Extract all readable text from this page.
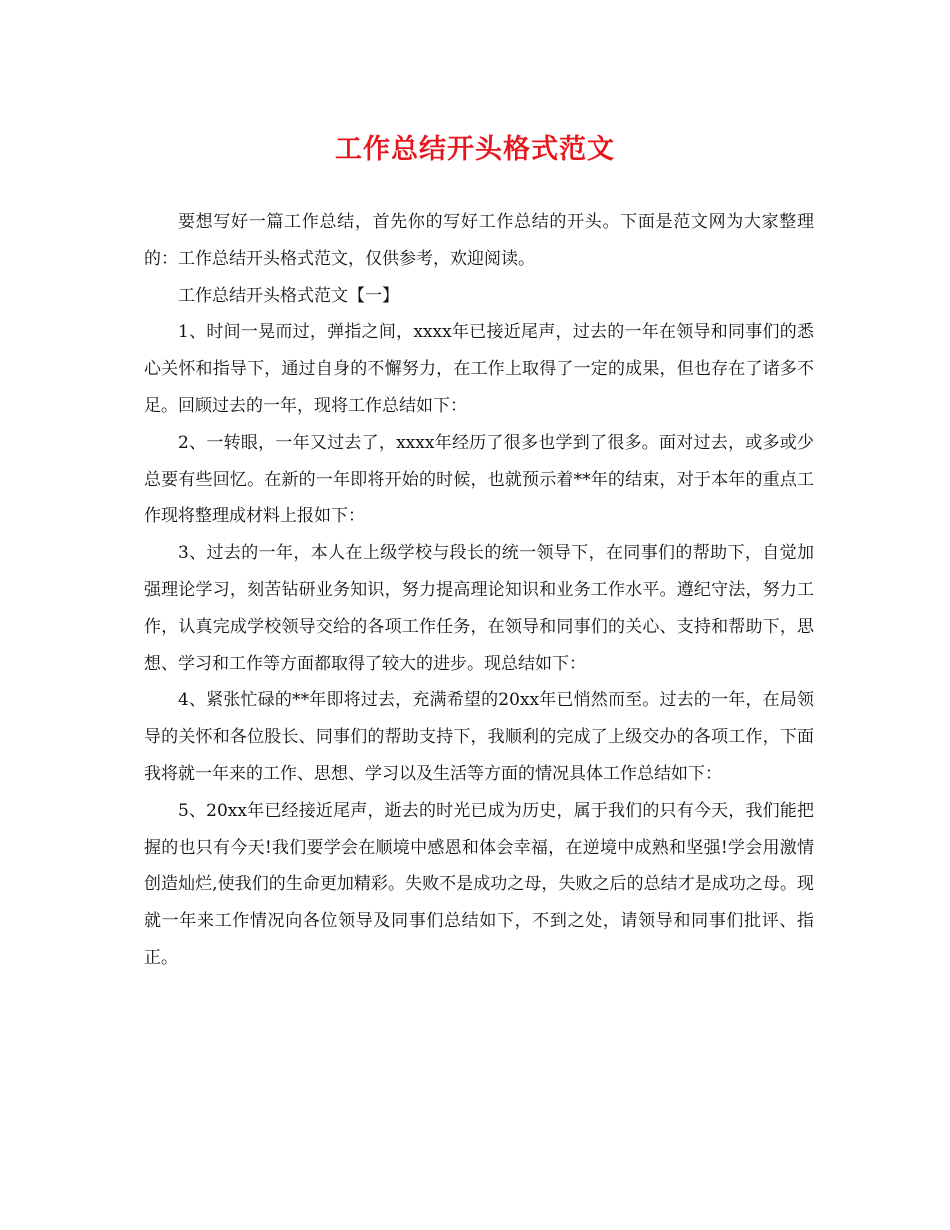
工作总结开头格式范文

要想写好一篇工作总结，首先你的写好工作总结的开头。下面是范文网为大家整理的：工作总结开头格式范文，仅供参考，欢迎阅读。

工作总结开头格式范文【一】

1、时间一晃而过，弹指之间，xxxx年已接近尾声，过去的一年在领导和同事们的悉心关怀和指导下，通过自身的不懈努力，在工作上取得了一定的成果，但也存在了诸多不足。回顾过去的一年，现将工作总结如下：

2、一转眼，一年又过去了，xxxx年经历了很多也学到了很多。面对过去，或多或少总要有些回忆。在新的一年即将开始的时候，也就预示着**年的结束，对于本年的重点工作现将整理成材料上报如下：

3、过去的一年，本人在上级学校与段长的统一领导下，在同事们的帮助下，自觉加强理论学习，刻苦钻研业务知识，努力提高理论知识和业务工作水平。遵纪守法，努力工作，认真完成学校领导交给的各项工作任务，在领导和同事们的关心、支持和帮助下，思想、学习和工作等方面都取得了较大的进步。现总结如下：

4、紧张忙碌的**年即将过去，充满希望的20xx年已悄然而至。过去的一年，在局领导的关怀和各位股长、同事们的帮助支持下，我顺利的完成了上级交办的各项工作，下面我将就一年来的工作、思想、学习以及生活等方面的情况具体工作总结如下：

5、20xx年已经接近尾声，逝去的时光已成为历史，属于我们的只有今天，我们能把握的也只有今天!我们要学会在顺境中感恩和体会幸福，在逆境中成熟和坚强!学会用激情创造灿烂,使我们的生命更加精彩。失败不是成功之母，失败之后的总结才是成功之母。现就一年来工作情况向各位领导及同事们总结如下，不到之处，请领导和同事们批评、指正。
